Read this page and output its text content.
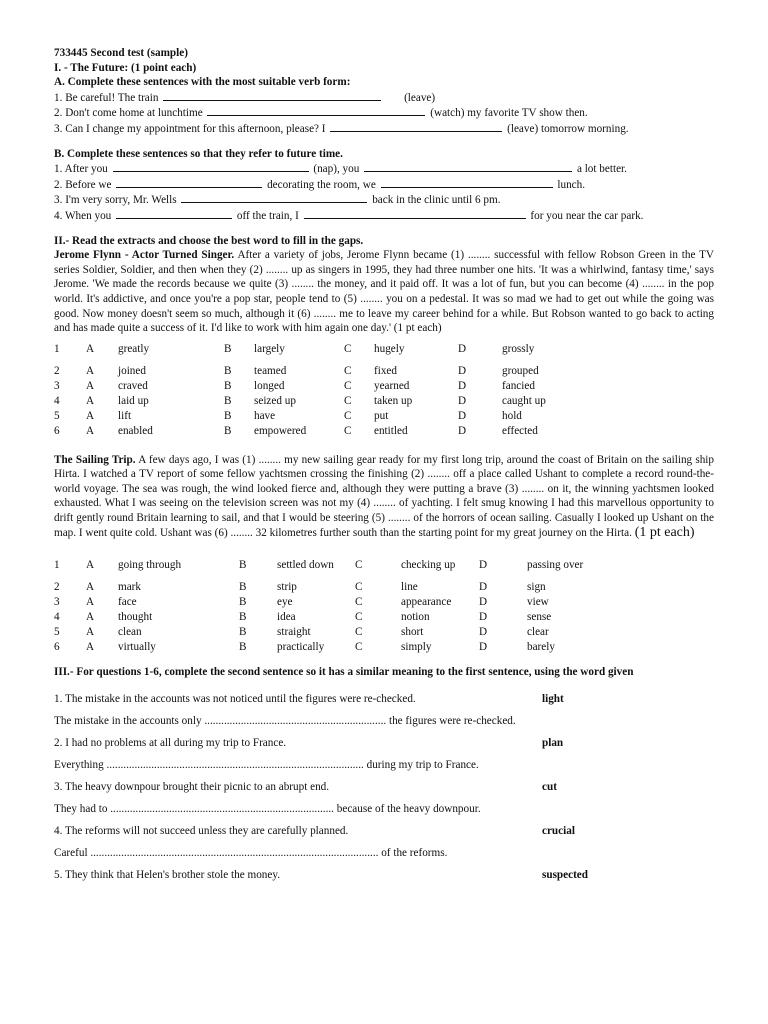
733445 Second test (sample)
I. - The Future: (1 point each)
A. Complete these sentences with the most suitable verb form:
1. Be careful! The train	(leave)
2. Don't come home at lunchtime	(watch) my favorite TV show then.
3. Can I change my appointment for this afternoon, please? I	(leave) tomorrow morning.
B. Complete these sentences so that they refer to future time.
1. After you	(nap), you	a lot better.
2. Before we	decorating the room, we	lunch.
3. I'm very sorry, Mr. Wells	back in the clinic until 6 pm.
4. When you	off the train, I	for you near the car park.
II.- Read the extracts and choose the best word to fill in the gaps.
Jerome Flynn - Actor Turned Singer. After a variety of jobs, Jerome Flynn became (1) ........ successful with fellow Robson Green in the TV series Soldier, Soldier, and then when they (2) ........ up as singers in 1995, they had three number one hits. 'It was a whirlwind, fantasy time,' says Jerome. 'We made the records because we quite (3) ........ the money, and it paid off. It was a lot of fun, but you can become (4) ........ in the pop world. It's addictive, and once you're a pop star, people tend to (5) ........ you on a pedestal. It was so mad we had to get out while the going was good. Now money doesn't seem so much, although it (6) ........ me to leave my career behind for a while. But Robson wanted to go back to acting and has made quite a success of it. I'd like to work with him again one day.' (1 pt each)
1	A	greatly	B	largely	C	hugely	D	grossly
2	A	joined	B	teamed	C	fixed	D	grouped
3	A	craved	B	longed	C	yearned	D	fancied
4	A	laid up	B	seized up	C	taken up	D	caught up
5	A	lift	B	have	C	put	D	hold
6	A	enabled	B	empowered	C	entitled	D	effected
The Sailing Trip. A few days ago, I was (1) ........ my new sailing gear ready for my first long trip, around the coast of Britain on the sailing ship Hirta. I watched a TV report of some fellow yachtsmen crossing the finishing (2) ........ off a place called Ushant to complete a record round-the-world voyage. The sea was rough, the wind looked fierce and, although they were putting a brave (3) ........ on it, the winning yachtsmen looked exhausted. What I was seeing on the television screen was not my (4) ........ of yachting. I felt smug knowing I had this marvellous opportunity to drift gently round Britain learning to sail, and that I would be steering (5) ........ of the horrors of ocean sailing. Casually I looked up Ushant on the map. I went quite cold. Ushant was (6) ........ 32 kilometres further south than the starting point for my great journey on the Hirta. (1 pt each)
1	A	going through	B	settled down	C	checking up	D	passing over
2	A	mark	B	strip	C	line	D	sign
3	A	face	B	eye	C	appearance	D	view
4	A	thought	B	idea	C	notion	D	sense
5	A	clean	B	straight	C	short	D	clear
6	A	virtually	B	practically	C	simply	D	barely
III.- For questions 1-6, complete the second sentence so it has a similar meaning to the first sentence, using the word given
1. The mistake in the accounts was not noticed until the figures were re-checked.	light
The mistake in the accounts only ................................................................. the figures were re-checked.
2. I had no problems at all during my trip to France.	plan
Everything ............................................................................................ during my trip to France.
3. The heavy downpour brought their picnic to an abrupt end.	cut
They had to ................................................................................ because of the heavy downpour.
4. The reforms will not succeed unless they are carefully planned.	crucial
Careful ....................................................................................................... of the reforms.
5. They think that Helen's brother stole the money.	suspected
